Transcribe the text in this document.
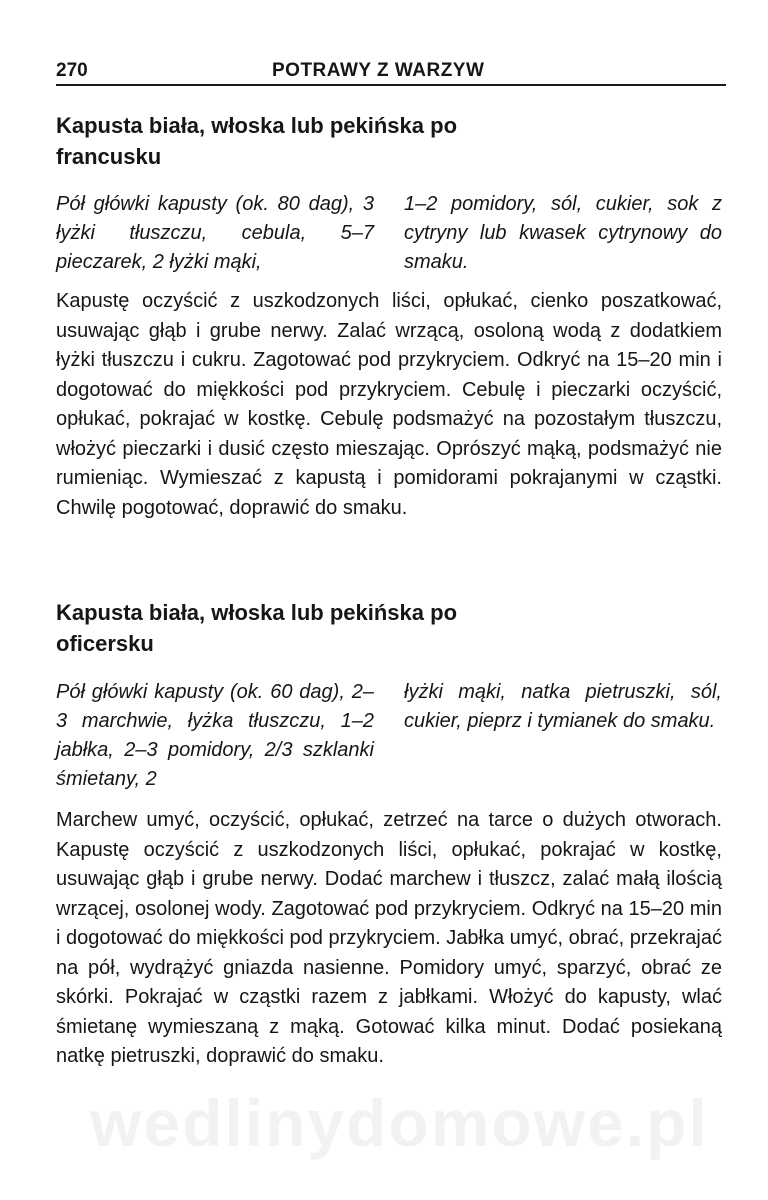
270	POTRAWY Z WARZYW
Kapusta biała, włoska lub pekińska po francusku
Pół główki kapusty (ok. 80 dag), 3 łyżki tłuszczu, cebula, 5–7 pieczarek, 2 łyżki mąki,
1–2 pomidory, sól, cukier, sok z cytryny lub kwasek cytrynowy do smaku.
Kapustę oczyścić z uszkodzonych liści, opłukać, cienko poszatkować, usuwając głąb i grube nerwy. Zalać wrzącą, osoloną wodą z dodatkiem łyżki tłuszczu i cukru. Zagotować pod przykryciem. Odkryć na 15–20 min i dogotować do miękkości pod przykryciem. Cebulę i pieczarki oczyścić, opłukać, pokrajać w kostkę. Cebulę podsmażyć na pozostałym tłuszczu, włożyć pieczarki i dusić często mieszając. Oprószyć mąką, podsmażyć nie rumieniąc. Wymieszać z kapustą i pomidorami pokrajanymi w cząstki. Chwilę pogotować, doprawić do smaku.
Kapusta biała, włoska lub pekińska po oficersku
Pół główki kapusty (ok. 60 dag), 2–3 marchwie, łyżka tłuszczu, 1–2 jabłka, 2–3 pomidory, 2/3 szklanki śmietany, 2
łyżki mąki, natka pietruszki, sól, cukier, pieprz i tymianek do smaku.
Marchew umyć, oczyścić, opłukać, zetrzeć na tarce o dużych otworach. Kapustę oczyścić z uszkodzonych liści, opłukać, pokrajać w kostkę, usuwając głąb i grube nerwy. Dodać marchew i tłuszcz, zalać małą ilością wrzącej, osolonej wody. Zagotować pod przykryciem. Odkryć na 15–20 min i dogotować do miękkości pod przykryciem. Jabłka umyć, obrać, przekrajać na pół, wydrążyć gniazda nasienne. Pomidory umyć, sparzyć, obrać ze skórki. Pokrajać w cząstki razem z jabłkami. Włożyć do kapusty, wlać śmietanę wymieszaną z mąką. Gotować kilka minut. Dodać posiekaną natkę pietruszki, doprawić do smaku.
wedlinydomowe.pl
